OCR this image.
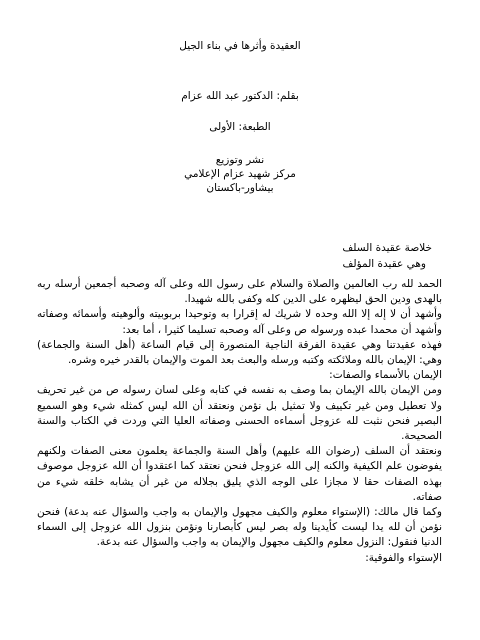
العقيدة وأثرها في بناء الجيل
بقلم: الدكتور عبد الله عزام
الطبعة: الأولى
نشر وتوزيع
مركز شهيد عزام الإعلامي
بيشاور-باكستان
خلاصة عقيدة السلف
وهي عقيدة المؤلف

الحمد لله رب العالمين والصلاة والسلام على رسول الله وعلى آله وصحبه أجمعين أرسله ربه بالهدى ودين الحق ليظهره على الدين كله وكفى بالله شهيدا.

وأشهد أن لا إله إلا الله وحده لا شريك له إقرارا به وتوحيدا بربوبيته وألوهيته وأسمائه وصفاته وأشهد أن محمدا عبده ورسوله ص وعلى آله وصحبه تسليما كثيرا ، أما بعد:

فهذه عقيدتنا وهي عقيدة الفرقة الناجية المنصورة إلى قيام الساعة (أهل السنة والجماعة) وهي: الإيمان بالله وملائكته وكتبه ورسله والبعث بعد الموت والإيمان بالقدر خيره وشره.

الإيمان بالأسماء والصفات:

ومن الإيمان بالله الإيمان بما وصف به نفسه في كتابه وعلى لسان رسوله ص من غير تحريف ولا تعطيل ومن غير تكييف ولا تمثيل بل نؤمن ونعتقد أن الله ليس كمثله شيء وهو السميع البصير فنحن نثبت لله عزوجل أسماءه الحسنى وصفاته العليا التي وردت في الكتاب والسنة الصحيحة.

ونعتقد أن السلف (رضوان الله عليهم) وأهل السنة والجماعة يعلمون معنى الصفات ولكنهم يفوضون علم الكيفية والكنه إلى الله عزوجل فنحن نعتقد كما اعتقدوا أن الله عزوجل موصوف بهذه الصفات حقا لا مجازا على الوجه الذي يليق بجلاله من غير أن يشابه خلقه شيء من صفاته.

وكما قال مالك: (الإستواء معلوم والكيف مجهول والإيمان به واجب والسؤال عنه بدعة) فنحن نؤمن أن لله يدا ليست كأيدينا وله بصر ليس كأبصارنا ونؤمن بنزول الله عزوجل إلى السماء الدنيا فنقول: النزول معلوم والكيف مجهول والإيمان به واجب والسؤال عنه بدعة.

الإستواء والفوقية:
